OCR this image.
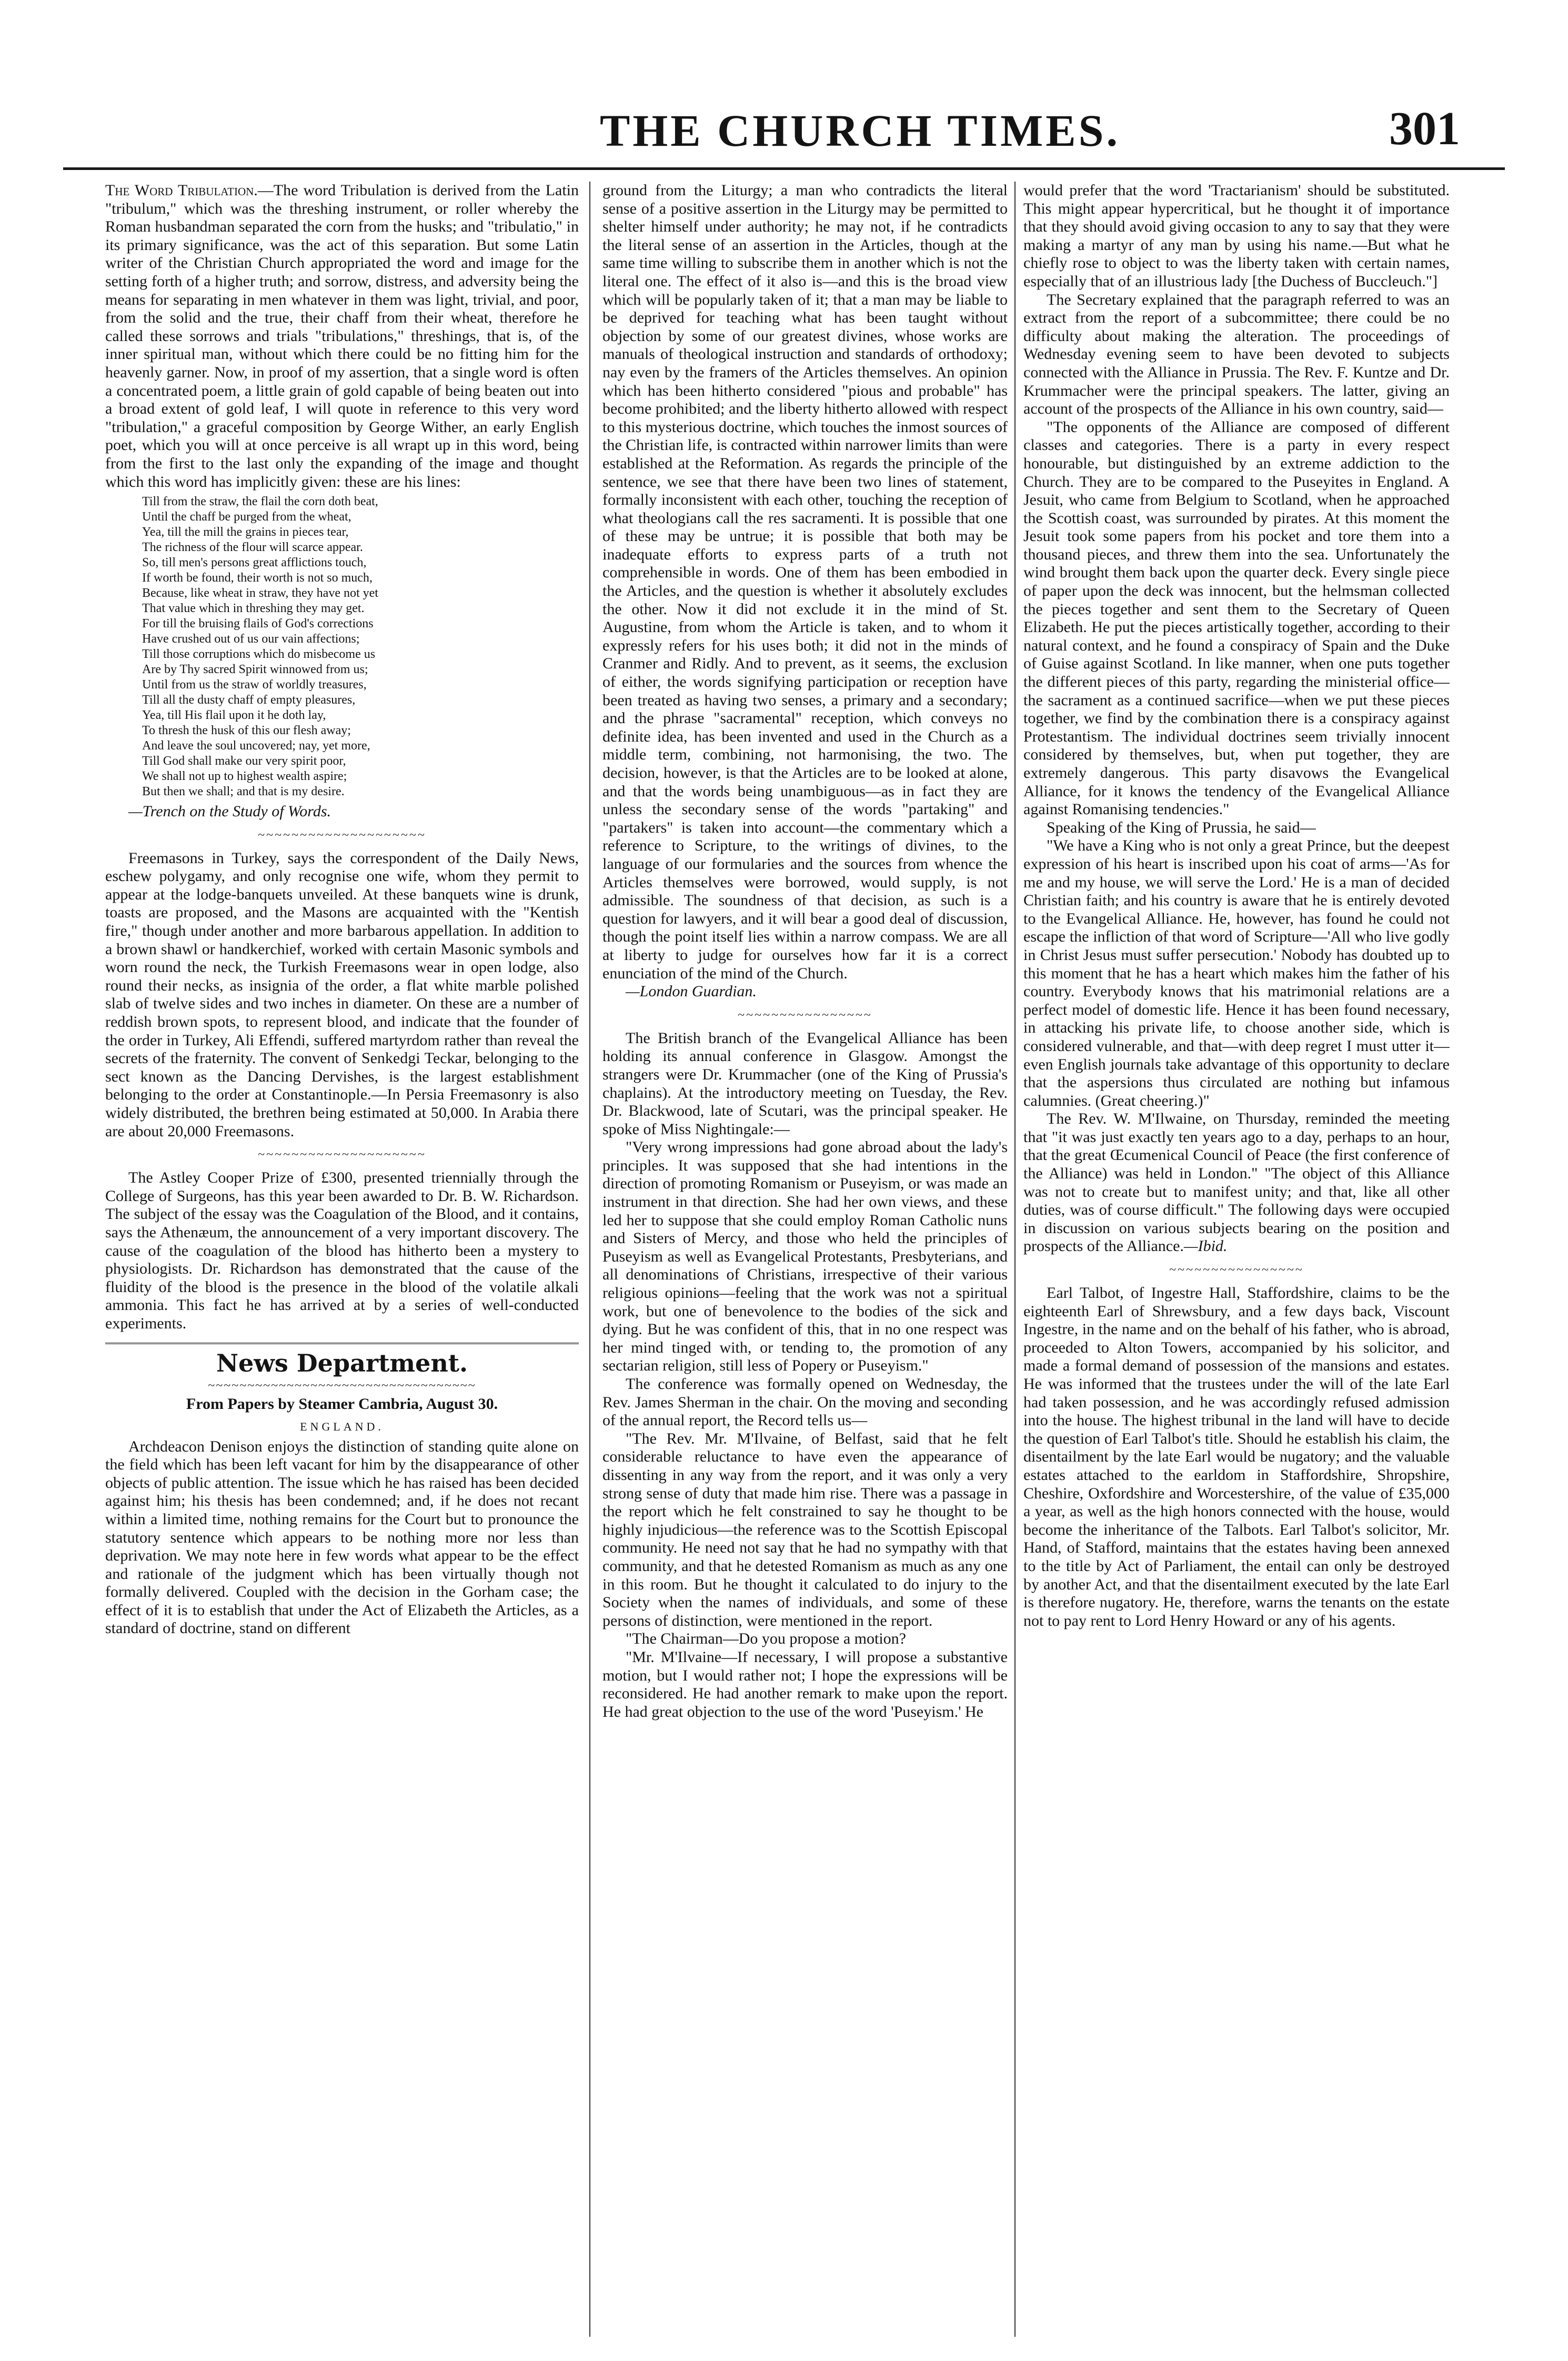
THE CHURCH TIMES.	301

The Word Tribulation.—The word Tribulation is derived from the Latin "tribulum," which was the threshing instrument, or roller whereby the Roman husbandman separated the corn from the husks; and "tribulatio," in its primary significance, was the act of this separation. But some Latin writer of the Christian Church appropriated the word and image for the setting forth of a higher truth; and sorrow, distress, and adversity being the means for separating in men whatever in them was light, trivial, and poor, from the solid and the true, their chaff from their wheat, therefore he called these sorrows and trials "tribulations," threshings, that is, of the inner spiritual man, without which there could be no fitting him for the heavenly garner. Now, in proof of my assertion, that a single word is often a concentrated poem, a little grain of gold capable of being beaten out into a broad extent of gold leaf, I will quote in reference to this very word "tribulation," a graceful composition by George Wither, an early English poet, which you will at once perceive is all wrapt up in this word, being from the first to the last only the expanding of the image and thought which this word has implicitly given: these are his lines:

Till from the straw, the flail the corn doth beat,
Until the chaff be purged from the wheat,
Yea, till the mill the grains in pieces tear,
The richness of the flour will scarce appear.
So, till men's persons great afflictions touch,
If worth be found, their worth is not so much,
Because, like wheat in straw, they have not yet
That value which in threshing they may get.
For till the bruising flails of God's corrections
Have crushed out of us our vain affections;
Till those corruptions which do misbecome us
Are by Thy sacred Spirit winnowed from us;
Until from us the straw of worldly treasures,
Till all the dusty chaff of empty pleasures,
Yea, till His flail upon it he doth lay,
To thresh the husk of this our flesh away;
And leave the soul uncovered; nay, yet more,
Till God shall make our very spirit poor,
We shall not up to highest wealth aspire;
But then we shall; and that is my desire.

—Trench on the Study of Words.

~~~~~~~~~~~~~~~~~~~~

Freemasons in Turkey, says the correspondent of the Daily News, eschew polygamy, and only recognise one wife, whom they permit to appear at the lodge-banquets unveiled. At these banquets wine is drunk, toasts are proposed, and the Masons are acquainted with the "Kentish fire," though under another and more barbarous appellation. In addition to a brown shawl or handkerchief, worked with certain Masonic symbols and worn round the neck, the Turkish Freemasons wear in open lodge, also round their necks, as insignia of the order, a flat white marble polished slab of twelve sides and two inches in diameter. On these are a number of reddish brown spots, to represent blood, and indicate that the founder of the order in Turkey, Ali Effendi, suffered martyrdom rather than reveal the secrets of the fraternity. The convent of Senkedgi Teckar, belonging to the sect known as the Dancing Dervishes, is the largest establishment belonging to the order at Constantinople.—In Persia Freemasonry is also widely distributed, the brethren being estimated at 50,000. In Arabia there are about 20,000 Freemasons.

~~~~~~~~~~~~~~~~~~~~

The Astley Cooper Prize of £300, presented triennially through the College of Surgeons, has this year been awarded to Dr. B. W. Richardson. The subject of the essay was the Coagulation of the Blood, and it contains, says the Athenæum, the announcement of a very important discovery. The cause of the coagulation of the blood has hitherto been a mystery to physiologists. Dr. Richardson has demonstrated that the cause of the fluidity of the blood is the presence in the blood of the volatile alkali ammonia. This fact he has arrived at by a series of well-conducted experiments.

News Department.
~~~~~~~~~~~~~~~~~~~~~~~~~~~~~~~~~~
From Papers by Steamer Cambria, August 30.
ENGLAND.

Archdeacon Denison enjoys the distinction of standing quite alone on the field which has been left vacant for him by the disappearance of other objects of public attention. The issue which he has raised has been decided against him; his thesis has been condemned; and, if he does not recant within a limited time, nothing remains for the Court but to pronounce the statutory sentence which appears to be nothing more nor less than deprivation. We may note here in few words what appear to be the effect and rationale of the judgment which has been virtually though not formally delivered. Coupled with the decision in the Gorham case; the effect of it is to establish that under the Act of Elizabeth the Articles, as a standard of doctrine, stand on different

ground from the Liturgy; a man who contradicts the literal sense of a positive assertion in the Liturgy may be permitted to shelter himself under authority; he may not, if he contradicts the literal sense of an assertion in the Articles, though at the same time willing to subscribe them in another which is not the literal one. The effect of it also is—and this is the broad view which will be popularly taken of it; that a man may be liable to be deprived for teaching what has been taught without objection by some of our greatest divines, whose works are manuals of theological instruction and standards of orthodoxy; nay even by the framers of the Articles themselves. An opinion which has been hitherto considered "pious and probable" has become prohibited; and the liberty hitherto allowed with respect to this mysterious doctrine, which touches the inmost sources of the Christian life, is contracted within narrower limits than were established at the Reformation. As regards the principle of the sentence, we see that there have been two lines of statement, formally inconsistent with each other, touching the reception of what theologians call the res sacramenti. It is possible that one of these may be untrue; it is possible that both may be inadequate efforts to express parts of a truth not comprehensible in words. One of them has been embodied in the Articles, and the question is whether it absolutely excludes the other. Now it did not exclude it in the mind of St. Augustine, from whom the Article is taken, and to whom it expressly refers for his uses both; it did not in the minds of Cranmer and Ridly. And to prevent, as it seems, the exclusion of either, the words signifying participation or reception have been treated as having two senses, a primary and a secondary; and the phrase "sacramental" reception, which conveys no definite idea, has been invented and used in the Church as a middle term, combining, not harmonising, the two. The decision, however, is that the Articles are to be looked at alone, and that the words being unambiguous—as in fact they are unless the secondary sense of the words "partaking" and "partakers" is taken into account—the commentary which a reference to Scripture, to the writings of divines, to the language of our formularies and the sources from whence the Articles themselves were borrowed, would supply, is not admissible. The soundness of that decision, as such is a question for lawyers, and it will bear a good deal of discussion, though the point itself lies within a narrow compass. We are all at liberty to judge for ourselves how far it is a correct enunciation of the mind of the Church.

—London Guardian.

~~~~~~~~~~~~~~~~

The British branch of the Evangelical Alliance has been holding its annual conference in Glasgow. Amongst the strangers were Dr. Krummacher (one of the King of Prussia's chaplains). At the introductory meeting on Tuesday, the Rev. Dr. Blackwood, late of Scutari, was the principal speaker. He spoke of Miss Nightingale:—

"Very wrong impressions had gone abroad about the lady's principles. It was supposed that she had intentions in the direction of promoting Romanism or Puseyism, or was made an instrument in that direction. She had her own views, and these led her to suppose that she could employ Roman Catholic nuns and Sisters of Mercy, and those who held the principles of Puseyism as well as Evangelical Protestants, Presbyterians, and all denominations of Christians, irrespective of their various religious opinions—feeling that the work was not a spiritual work, but one of benevolence to the bodies of the sick and dying. But he was confident of this, that in no one respect was her mind tinged with, or tending to, the promotion of any sectarian religion, still less of Popery or Puseyism."

The conference was formally opened on Wednesday, the Rev. James Sherman in the chair. On the moving and seconding of the annual report, the Record tells us—

"The Rev. Mr. M'Ilvaine, of Belfast, said that he felt considerable reluctance to have even the appearance of dissenting in any way from the report, and it was only a very strong sense of duty that made him rise. There was a passage in the report which he felt constrained to say he thought to be highly injudicious—the reference was to the Scottish Episcopal community. He need not say that he had no sympathy with that community, and that he detested Romanism as much as any one in this room. But he thought it calculated to do injury to the Society when the names of individuals, and some of these persons of distinction, were mentioned in the report.

"The Chairman—Do you propose a motion?

"Mr. M'Ilvaine—If necessary, I will propose a substantive motion, but I would rather not; I hope the expressions will be reconsidered. He had another remark to make upon the report. He had great objection to the use of the word 'Puseyism.' He

would prefer that the word 'Tractarianism' should be substituted. This might appear hypercritical, but he thought it of importance that they should avoid giving occasion to any to say that they were making a martyr of any man by using his name.—But what he chiefly rose to object to was the liberty taken with certain names, especially that of an illustrious lady [the Duchess of Buccleuch."]

The Secretary explained that the paragraph referred to was an extract from the report of a subcommittee; there could be no difficulty about making the alteration. The proceedings of Wednesday evening seem to have been devoted to subjects connected with the Alliance in Prussia. The Rev. F. Kuntze and Dr. Krummacher were the principal speakers. The latter, giving an account of the prospects of the Alliance in his own country, said—

"The opponents of the Alliance are composed of different classes and categories. There is a party in every respect honourable, but distinguished by an extreme addiction to the Church. They are to be compared to the Puseyites in England. A Jesuit, who came from Belgium to Scotland, when he approached the Scottish coast, was surrounded by pirates. At this moment the Jesuit took some papers from his pocket and tore them into a thousand pieces, and threw them into the sea. Unfortunately the wind brought them back upon the quarter deck. Every single piece of paper upon the deck was innocent, but the helmsman collected the pieces together and sent them to the Secretary of Queen Elizabeth. He put the pieces artistically together, according to their natural context, and he found a conspiracy of Spain and the Duke of Guise against Scotland. In like manner, when one puts together the different pieces of this party, regarding the ministerial office—the sacrament as a continued sacrifice—when we put these pieces together, we find by the combination there is a conspiracy against Protestantism. The individual doctrines seem trivially innocent considered by themselves, but, when put together, they are extremely dangerous. This party disavows the Evangelical Alliance, for it knows the tendency of the Evangelical Alliance against Romanising tendencies."

Speaking of the King of Prussia, he said—

"We have a King who is not only a great Prince, but the deepest expression of his heart is inscribed upon his coat of arms—'As for me and my house, we will serve the Lord.' He is a man of decided Christian faith; and his country is aware that he is entirely devoted to the Evangelical Alliance. He, however, has found he could not escape the infliction of that word of Scripture—'All who live godly in Christ Jesus must suffer persecution.' Nobody has doubted up to this moment that he has a heart which makes him the father of his country. Everybody knows that his matrimonial relations are a perfect model of domestic life. Hence it has been found necessary, in attacking his private life, to choose another side, which is considered vulnerable, and that—with deep regret I must utter it—even English journals take advantage of this opportunity to declare that the aspersions thus circulated are nothing but infamous calumnies. (Great cheering.)"

The Rev. W. M'Ilwaine, on Thursday, reminded the meeting that "it was just exactly ten years ago to a day, perhaps to an hour, that the great Œcumenical Council of Peace (the first conference of the Alliance) was held in London." "The object of this Alliance was not to create but to manifest unity; and that, like all other duties, was of course difficult." The following days were occupied in discussion on various subjects bearing on the position and prospects of the Alliance.—Ibid.

~~~~~~~~~~~~~~~~

Earl Talbot, of Ingestre Hall, Staffordshire, claims to be the eighteenth Earl of Shrewsbury, and a few days back, Viscount Ingestre, in the name and on the behalf of his father, who is abroad, proceeded to Alton Towers, accompanied by his solicitor, and made a formal demand of possession of the mansions and estates. He was informed that the trustees under the will of the late Earl had taken possession, and he was accordingly refused admission into the house. The highest tribunal in the land will have to decide the question of Earl Talbot's title. Should he establish his claim, the disentailment by the late Earl would be nugatory; and the valuable estates attached to the earldom in Staffordshire, Shropshire, Cheshire, Oxfordshire and Worcestershire, of the value of £35,000 a year, as well as the high honors connected with the house, would become the inheritance of the Talbots. Earl Talbot's solicitor, Mr. Hand, of Stafford, maintains that the estates having been annexed to the title by Act of Parliament, the entail can only be destroyed by another Act, and that the disentailment executed by the late Earl is therefore nugatory. He, therefore, warns the tenants on the estate not to pay rent to Lord Henry Howard or any of his agents.
